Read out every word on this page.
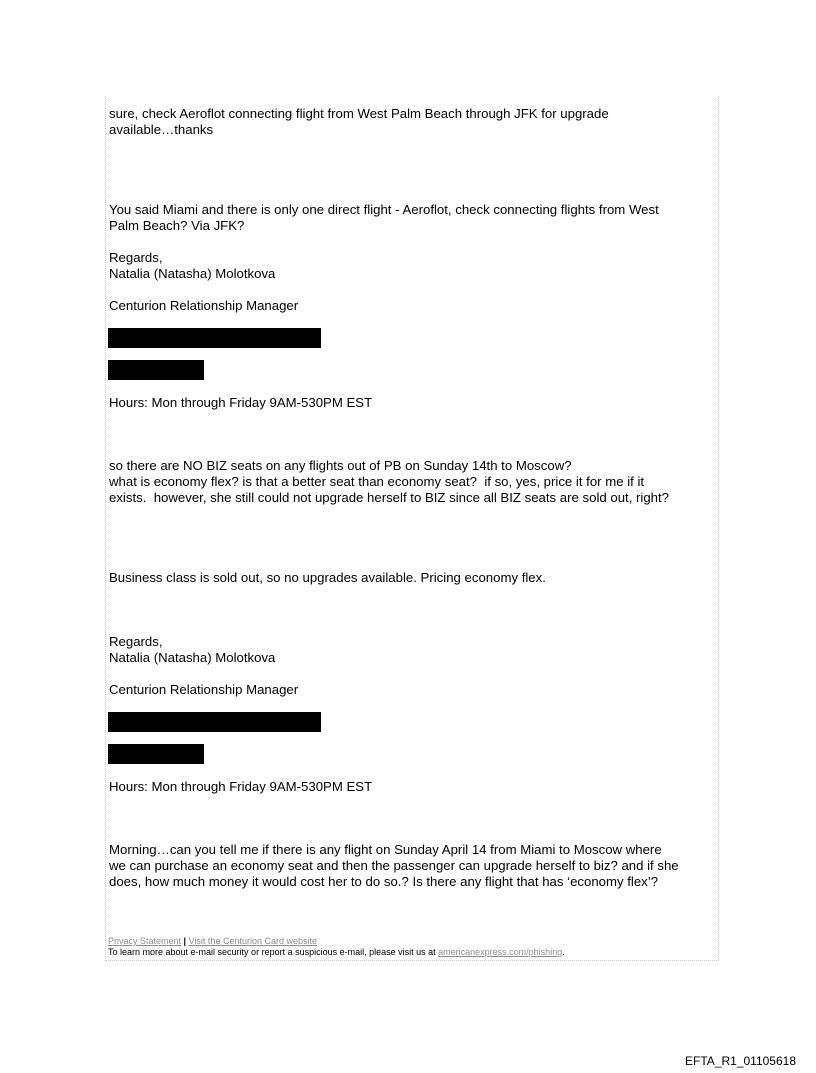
sure, check Aeroflot connecting flight from West Palm Beach through JFK for upgrade
available…thanks
You said Miami and there is only one direct flight - Aeroflot, check connecting flights from West
Palm Beach? Via JFK?
Regards,
Natalia (Natasha) Molotkova
Centurion Relationship Manager
Hours: Mon through Friday 9AM-530PM EST
so there are NO BIZ seats on any flights out of PB on Sunday 14th to Moscow?
what is economy flex? is that a better seat than economy seat?  if so, yes, price it for me if it
exists.  however, she still could not upgrade herself to BIZ since all BIZ seats are sold out, right?
Business class is sold out, so no upgrades available. Pricing economy flex.
Regards,
Natalia (Natasha) Molotkova
Centurion Relationship Manager
Hours: Mon through Friday 9AM-530PM EST
Morning…can you tell me if there is any flight on Sunday April 14 from Miami to Moscow where
we can purchase an economy seat and then the passenger can upgrade herself to biz? and if she
does, how much money it would cost her to do so.? Is there any flight that has ‘economy flex’?
Privacy Statement | Visit the Centurion Card website
To learn more about e-mail security or report a suspicious e-mail, please visit us at americanexpress.com/phishing.
EFTA_R1_01105618
